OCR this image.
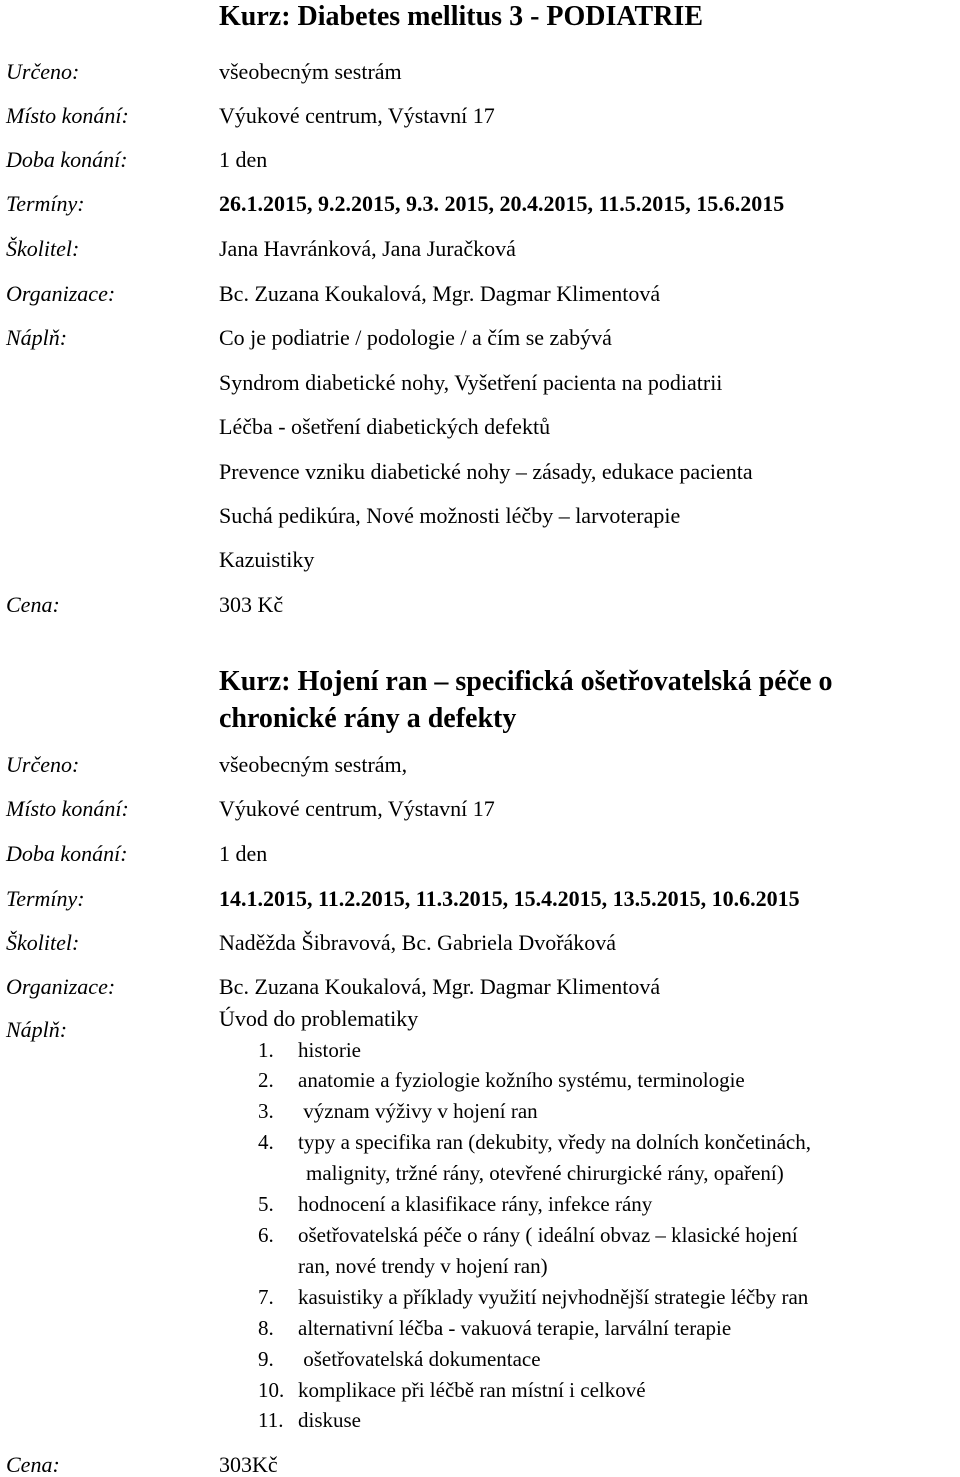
Kurz: Diabetes mellitus 3 - PODIATRIE
Určeno:	všeobecným sestrám
Místo konání:	Výukové centrum, Výstavní 17
Doba konání:	1 den
Termíny:	26.1.2015, 9.2.2015, 9.3. 2015, 20.4.2015, 11.5.2015, 15.6.2015
Školitel:	Jana Havránková, Jana Juračková
Organizace:	Bc. Zuzana Koukalová, Mgr. Dagmar Klimentová
Náplň:	Co je podiatrie / podologie / a čím se zabývá
Syndrom diabetické nohy, Vyšetření pacienta na podiatrii
Léčba - ošetření diabetických defektů
Prevence vzniku diabetické nohy – zásady, edukace pacienta
Suchá pedikúra, Nové možnosti léčby – larvoterapie
Kazuistiky
Cena:	303 Kč
Kurz: Hojení ran – specifická ošetřovatelská péče o
chronické rány a defekty
Určeno:	všeobecným sestrám,
Místo konání:	Výukové centrum, Výstavní 17
Doba konání:	1 den
Termíny:	14.1.2015, 11.2.2015, 11.3.2015, 15.4.2015, 13.5.2015, 10.6.2015
Školitel:	Naděžda Šibravová, Bc. Gabriela Dvořáková
Organizace:	Bc. Zuzana Koukalová, Mgr. Dagmar Klimentová
Náplň:	Úvod do problematiky
1. historie
2. anatomie a fyziologie kožního systému, terminologie
3. význam výživy v hojení ran
4. typy a specifika ran (dekubity, vředy na dolních končetinách,
malignity, tržné rány, otevřené chirurgické rány, opaření)
5. hodnocení a klasifikace rány, infekce rány
6. ošetřovatelská péče o rány ( ideální obvaz – klasické hojení
ran, nové trendy v hojení ran)
7. kasuistiky a příklady využití nejvhodnější strategie léčby ran
8. alternativní léčba - vakuová terapie, larvální terapie
9. ošetřovatelská dokumentace
10. komplikace při léčbě ran místní i celkové
11. diskuse
Cena:	303Kč
